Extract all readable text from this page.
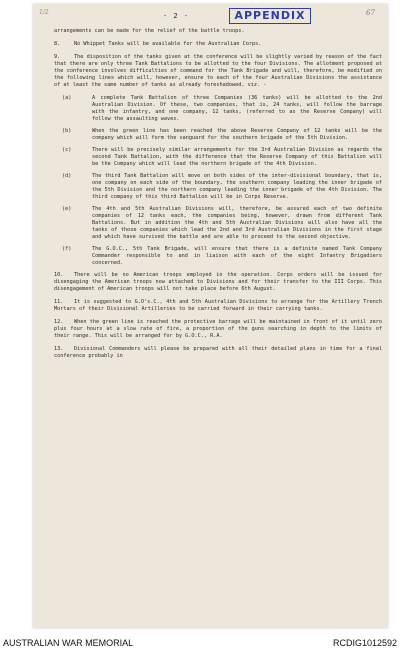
1/2	- 2 -	APPENDIX	67
arrangements can be made for the relief of the battle troops.
8.	No Whippet Tanks will be available for the Australian Corps.
9.	The disposition of the tanks given at the conference will be slightly varied by reason of the fact that there are only three Tank Battalions to be allotted to the four Divisions. The allotment proposed at the conference involves difficulties of command for the Tank Brigade and will, therefore, be modified on the following lines which will, however, ensure to each of the four Australian Divisions the assistance of at least the same number of tanks as already foreshadowed, viz. -
(a)	A complete Tank Battalion of three Companies (36 tanks) will be allotted to the 2nd Australian Division. Of these, two companies, that is, 24 tanks, will follow the barrage with the infantry, and one company, 12 tanks, (referred to as the Reserve Company) will follow the assaulting waves.
(b)	When the green line has been reached the above Reserve Company of 12 tanks will be the company which will form the vanguard for the southern brigade of the 5th Division.
(c)	There will be precisely similar arrangements for the 3rd Australian Division as regards the second Tank Battalion, with the difference that the Reserve Company of this Battalion will be the Company which will lead the northern brigade of the 4th Division.
(d)	The third Tank Battalion will move on both sides of the inter-divisional boundary, that is, one company on each side of the boundary, the southern company leading the inner brigade of the 5th Division and the northern company leading the inner brigade of the 4th Division. The third company of this third Battalion will be in Corps Reserve.
(e)	The 4th and 5th Australian Divisions will, therefore, be assured each of two definite companies of 12 tanks each, the companies being, however, drawn from different Tank Battalions. But in addition the 4th and 5th Australian Divisions will also have all the tanks of those companies which lead the 2nd and 3rd Australian Divisions in the first stage and which have survived the battle and are able to proceed to the second objective.
(f)	The G.O.C., 5th Tank Brigade, will ensure that there is a definite named Tank Company Commander responsible to and in liaison with each of the eight Infantry Brigadiers concerned.
10.	There will be no American troops employed in the operation. Corps orders will be issued for disengaging the American troops now attached to Divisions and for their transfer to the III Corps. This disengagement of American troops will not take place before 6th August.
11.	It is suggested to G.O's.C., 4th and 5th Australian Divisions to arrange for the Artillery Trench Mortars of their Divisional Artilleries to be carried forward in their carrying tanks.
12.	When the green line is reached the protective barrage will be maintained in front of it until zero plus four hours at a slow rate of fire, a proportion of the guns searching in depth to the limits of their range. This will be arranged for by G.O.C., R.A.
13.	Divisional Commanders will please be prepared with all their detailed plans in time for a final conference probably in
AUSTRALIAN WAR MEMORIAL	RCDIG1012592
